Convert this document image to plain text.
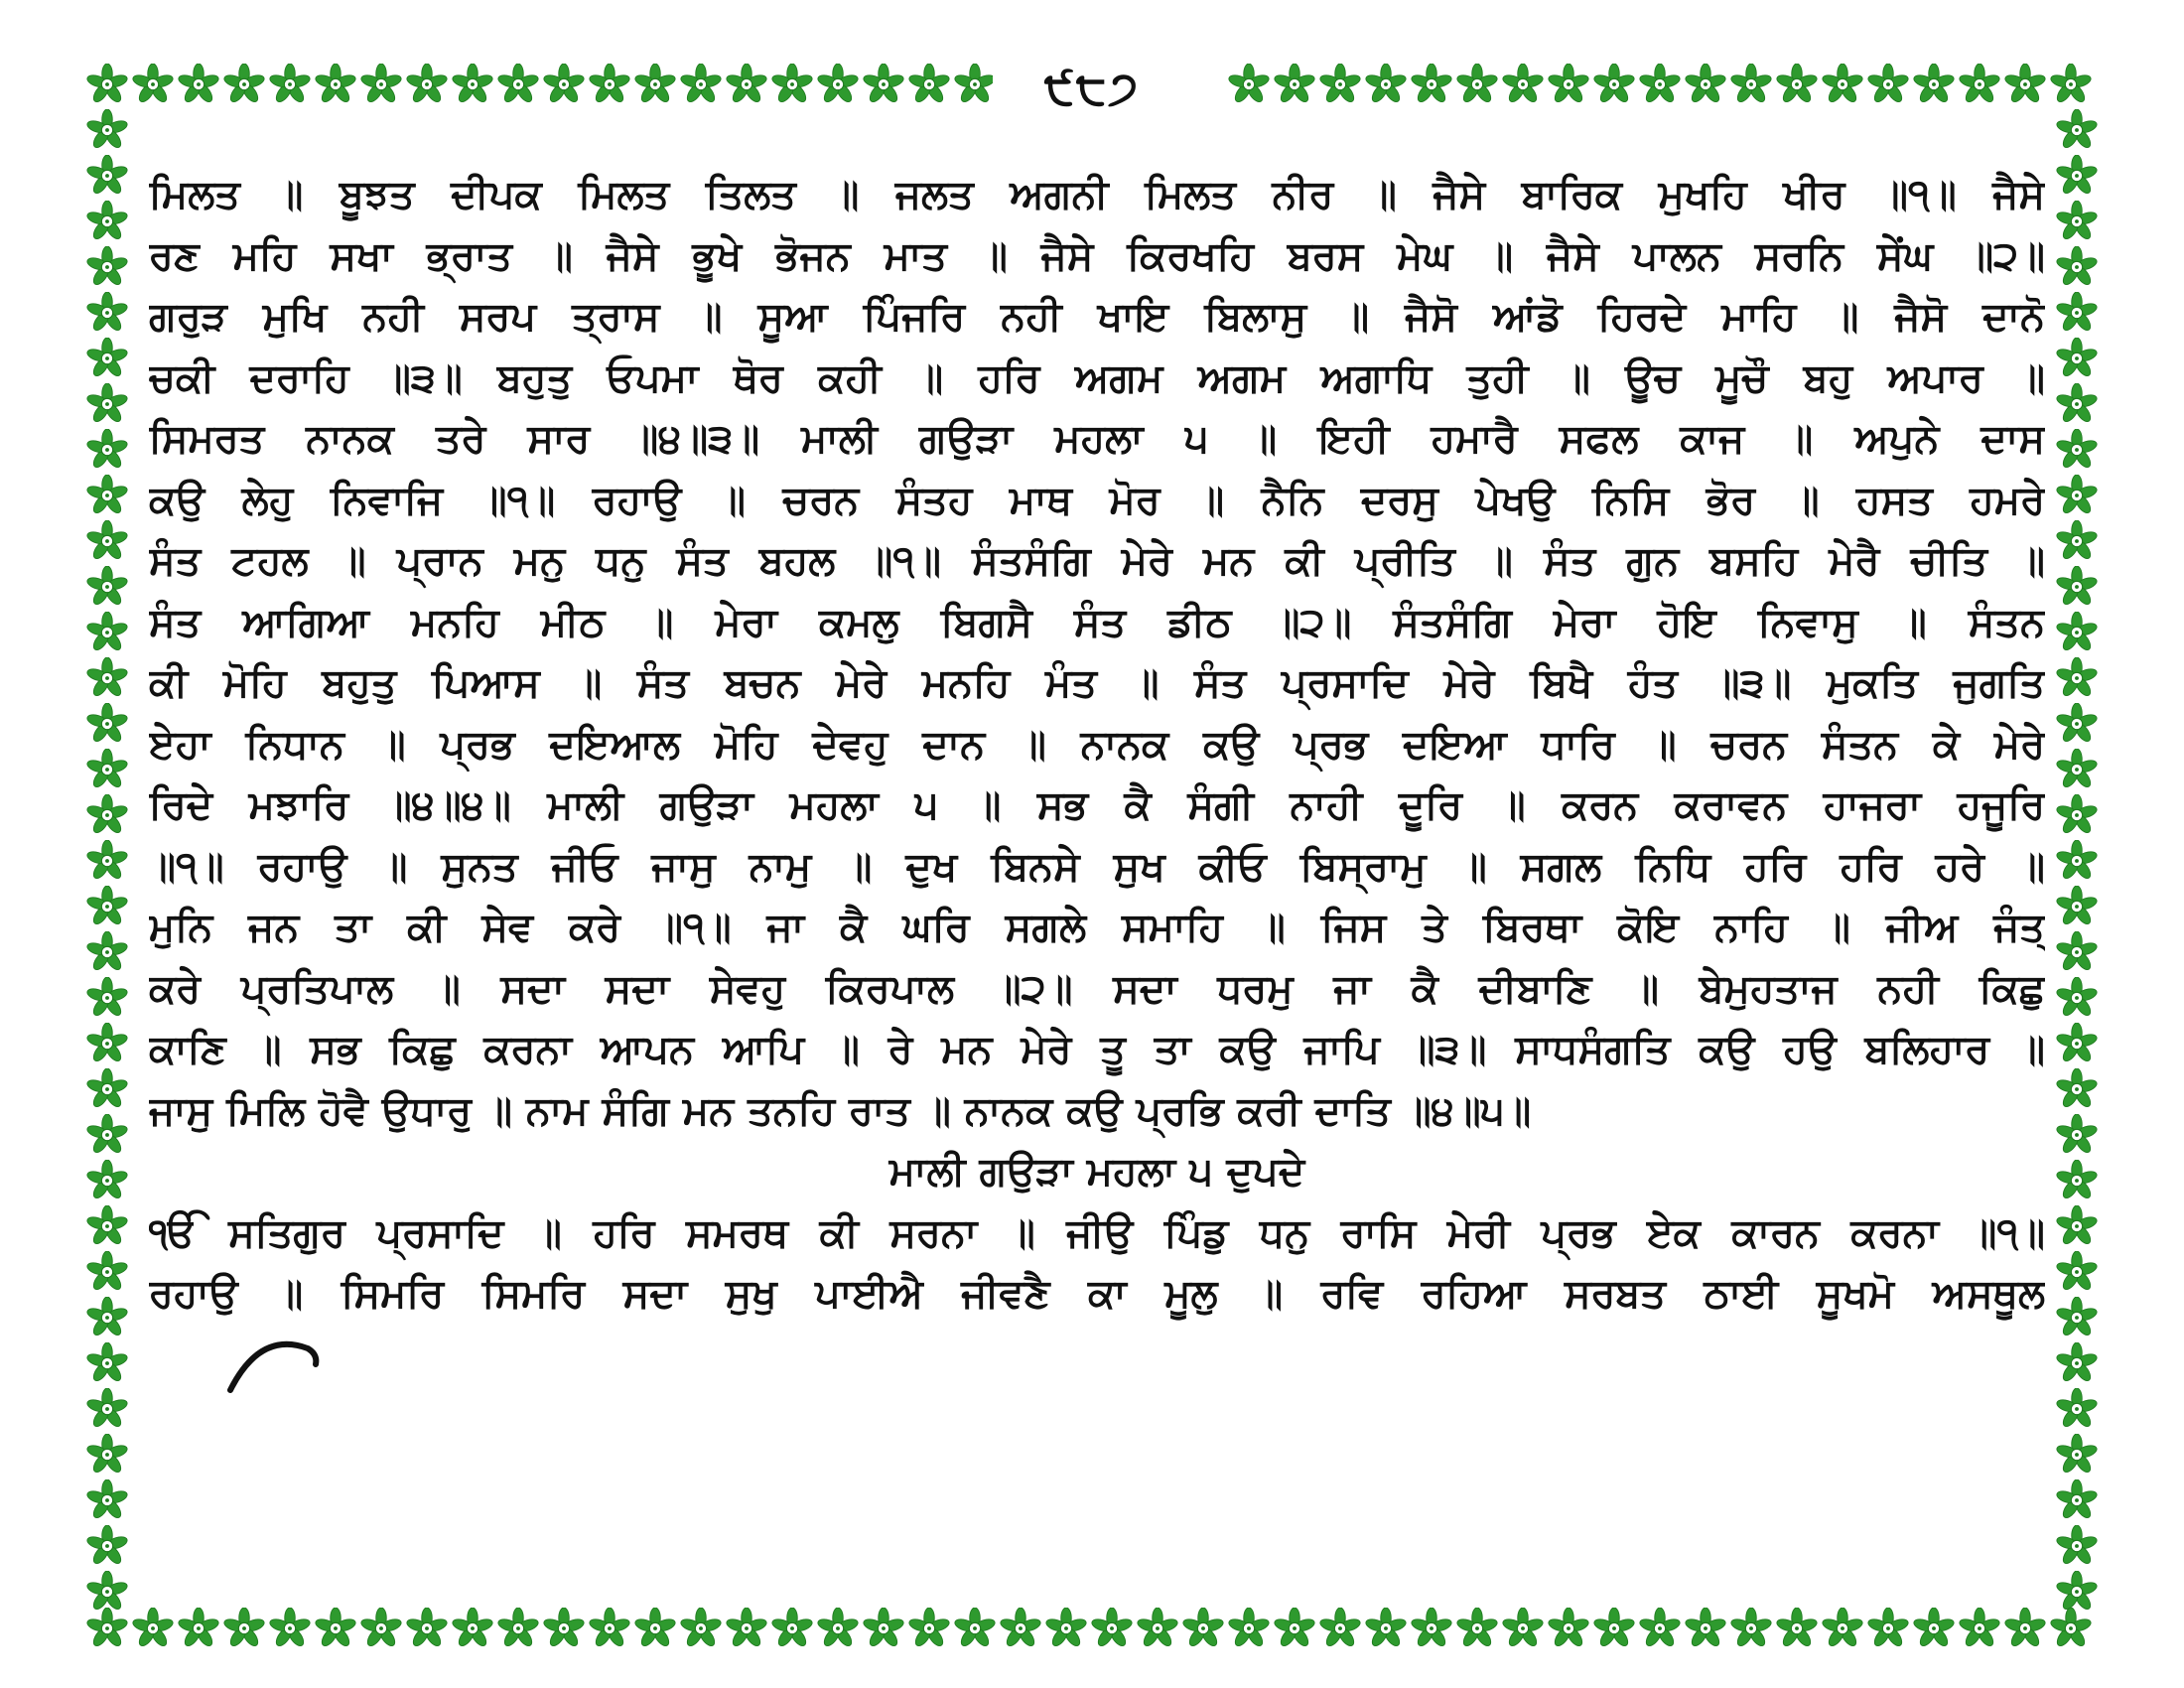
੯੮੭
ਮਿਲਤ ॥ ਬੂਝਤ ਦੀਪਕ ਮਿਲਤ ਤਿਲਤ ॥ ਜਲਤ ਅਗਨੀ ਮਿਲਤ ਨੀਰ ॥ ਜੈਸੇ ਬਾਰਿਕ ਮੁਖਹਿ ਖੀਰ ॥੧॥ ਜੈਸੇ
ਰਣ ਮਹਿ ਸਖਾ ਭ੍ਰਾਤ ॥ ਜੈਸੇ ਭੂਖੇ ਭੋਜਨ ਮਾਤ ॥ ਜੈਸੇ ਕਿਰਖਹਿ ਬਰਸ ਮੇਘ ॥ ਜੈਸੇ ਪਾਲਨ ਸਰਨਿ ਸੇਂਘ ॥੨॥
ਗਰੁੜ ਮੁਖਿ ਨਹੀ ਸਰਪ ਤ੍ਰਾਸ ॥ ਸੂਆ ਪਿੰਜਰਿ ਨਹੀ ਖਾਇ ਬਿਲਾਸੁ ॥ ਜੈਸੋ ਆਂਡੋ ਹਿਰਦੇ ਮਾਹਿ ॥ ਜੈਸੋ ਦਾਨੋ
ਚਕੀ ਦਰਾਹਿ ॥੩॥ ਬਹੁਤੁ ਓਪਮਾ ਥੋਰ ਕਹੀ ॥ ਹਰਿ ਅਗਮ ਅਗਮ ਅਗਾਧਿ ਤੁਹੀ ॥ ਊਚ ਮੂਚੌ ਬਹੁ ਅਪਾਰ ॥
ਸਿਮਰਤ ਨਾਨਕ ਤਰੇ ਸਾਰ ॥੪॥੩॥ ਮਾਲੀ ਗਉੜਾ ਮਹਲਾ ੫ ॥ ਇਹੀ ਹਮਾਰੈ ਸਫਲ ਕਾਜ ॥ ਅਪੁਨੇ ਦਾਸ
ਕਉ ਲੇਹੁ ਨਿਵਾਜਿ ॥੧॥ ਰਹਾਉ ॥ ਚਰਨ ਸੰਤਹ ਮਾਥ ਮੋਰ ॥ ਨੈਨਿ ਦਰਸੁ ਪੇਖਉ ਨਿਸਿ ਭੋਰ ॥ ਹਸਤ ਹਮਰੇ
ਸੰਤ ਟਹਲ ॥ ਪ੍ਰਾਨ ਮਨੁ ਧਨੁ ਸੰਤ ਬਹਲ ॥੧॥ ਸੰਤਸੰਗਿ ਮੇਰੇ ਮਨ ਕੀ ਪ੍ਰੀਤਿ ॥ ਸੰਤ ਗੁਨ ਬਸਹਿ ਮੇਰੈ ਚੀਤਿ ॥
ਸੰਤ ਆਗਿਆ ਮਨਹਿ ਮੀਠ ॥ ਮੇਰਾ ਕਮਲੁ ਬਿਗਸੈ ਸੰਤ ਡੀਠ ॥੨॥ ਸੰਤਸੰਗਿ ਮੇਰਾ ਹੋਇ ਨਿਵਾਸੁ ॥ ਸੰਤਨ
ਕੀ ਮੋਹਿ ਬਹੁਤੁ ਪਿਆਸ ॥ ਸੰਤ ਬਚਨ ਮੇਰੇ ਮਨਹਿ ਮੰਤ ॥ ਸੰਤ ਪ੍ਰਸਾਦਿ ਮੇਰੇ ਬਿਖੈ ਹੰਤ ॥੩॥ ਮੁਕਤਿ ਜੁਗਤਿ
ਏਹਾ ਨਿਧਾਨ ॥ ਪ੍ਰਭ ਦਇਆਲ ਮੋਹਿ ਦੇਵਹੁ ਦਾਨ ॥ ਨਾਨਕ ਕਉ ਪ੍ਰਭ ਦਇਆ ਧਾਰਿ ॥ ਚਰਨ ਸੰਤਨ ਕੇ ਮੇਰੇ
ਰਿਦੇ ਮਝਾਰਿ ॥੪॥੪॥ ਮਾਲੀ ਗਉੜਾ ਮਹਲਾ ੫ ॥ ਸਭ ਕੈ ਸੰਗੀ ਨਾਹੀ ਦੂਰਿ ॥ ਕਰਨ ਕਰਾਵਨ ਹਾਜਰਾ ਹਜੂਰਿ
॥੧॥ ਰਹਾਉ ॥ ਸੁਨਤ ਜੀਓ ਜਾਸੁ ਨਾਮੁ ॥ ਦੁਖ ਬਿਨਸੇ ਸੁਖ ਕੀਓ ਬਿਸ੍ਰਾਮੁ ॥ ਸਗਲ ਨਿਧਿ ਹਰਿ ਹਰਿ ਹਰੇ ॥
ਮੁਨਿ ਜਨ ਤਾ ਕੀ ਸੇਵ ਕਰੇ ॥੧॥ ਜਾ ਕੈ ਘਰਿ ਸਗਲੇ ਸਮਾਹਿ ॥ ਜਿਸ ਤੇ ਬਿਰਥਾ ਕੋਇ ਨਾਹਿ ॥ ਜੀਅ ਜੰਤ੍
ਕਰੇ ਪ੍ਰਤਿਪਾਲ ॥ ਸਦਾ ਸਦਾ ਸੇਵਹੁ ਕਿਰਪਾਲ ॥੨॥ ਸਦਾ ਧਰਮੁ ਜਾ ਕੈ ਦੀਬਾਣਿ ॥ ਬੇਮੁਹਤਾਜ ਨਹੀ ਕਿਛੁ
ਕਾਣਿ ॥ ਸਭ ਕਿਛੁ ਕਰਨਾ ਆਪਨ ਆਪਿ ॥ ਰੇ ਮਨ ਮੇਰੇ ਤੂ ਤਾ ਕਉ ਜਾਪਿ ॥੩॥ ਸਾਧਸੰਗਤਿ ਕਉ ਹਉ ਬਲਿਹਾਰ ॥
ਜਾਸੁ ਮਿਲਿ ਹੋਵੈ ਉਧਾਰੁ ॥ ਨਾਮ ਸੰਗਿ ਮਨ ਤਨਹਿ ਰਾਤ ॥ ਨਾਨਕ ਕਉ ਪ੍ਰਭਿ ਕਰੀ ਦਾਤਿ ॥੪॥੫॥
ਮਾਲੀ ਗਉੜਾ ਮਹਲਾ ੫ ਦੁਪਦੇ
ੴ ਸਤਿਗੁਰ ਪ੍ਰਸਾਦਿ ॥ ਹਰਿ ਸਮਰਥ ਕੀ ਸਰਨਾ ॥ ਜੀਉ ਪਿੰਡੁ ਧਨੁ ਰਾਸਿ ਮੇਰੀ ਪ੍ਰਭ ਏਕ ਕਾਰਨ ਕਰਨਾ ॥੧॥
ਰਹਾਉ ॥ ਸਿਮਰਿ ਸਿਮਰਿ ਸਦਾ ਸੁਖੁ ਪਾਈਐ ਜੀਵਣੈ ਕਾ ਮੂਲੁ ॥ ਰਵਿ ਰਹਿਆ ਸਰਬਤ ਠਾਈ ਸੂਖਮੋ ਅਸਥੂਲ
